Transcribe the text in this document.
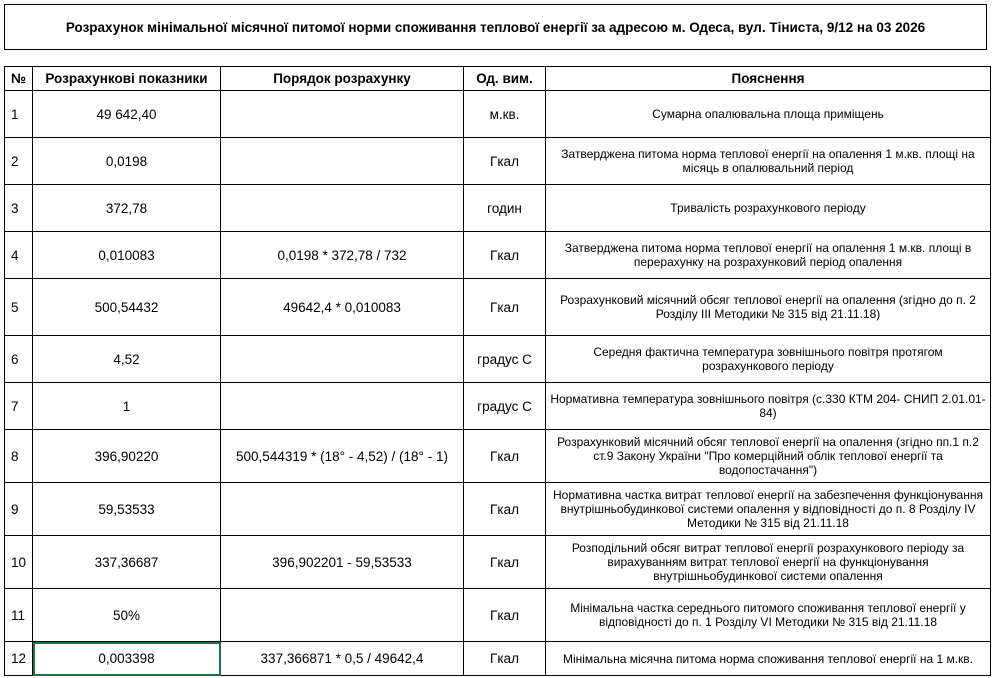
Розрахунок мінімальної місячної питомої норми споживання теплової енергії за адресою м. Одеса, вул. Тіниста, 9/12 на 03 2026
№	Розрахункові показники	Порядок розрахунку	Од. вим.	Пояснення
1	49 642,40		м.кв.	Сумарна опалювальна площа приміщень
2	0,0198		Гкал	Затверджена питома норма теплової енергії на опалення 1 м.кв. площі на місяць в опалювальний період
3	372,78		годин	Тривалість розрахункового періоду
4	0,010083	0,0198 * 372,78 / 732	Гкал	Затверджена питома норма теплової енергії на опалення 1 м.кв. площі в перерахунку на розрахунковий період опалення
5	500,54432	49642,4 * 0,010083	Гкал	Розрахунковий місячний обсяг теплової енергії на опалення (згідно до п. 2 Розділу ІІІ Методики № 315 від 21.11.18)
6	4,52		градус С	Середня фактична температура зовнішнього повітря протягом розрахункового періоду
7	1		градус С	Нормативна температура зовнішнього повітря (с.330 КТМ 204- СНИП 2.01.01-84)
8	396,90220	500,544319 * (18° - 4,52) / (18° - 1)	Гкал	Розрахунковий місячний обсяг теплової енергії на опалення (згідно пп.1 п.2 ст.9 Закону України "Про комерційний облік теплової енергії та водопостачання")
9	59,53533		Гкал	Нормативна частка витрат теплової енергії на забезпечення функціонування внутрішньобудинкової системи опалення у відповідності до п. 8 Розділу ІV Методики № 315 від 21.11.18
10	337,36687	396,902201 - 59,53533	Гкал	Розподільний обсяг витрат теплової енергії розрахункового періоду за вирахуванням витрат теплової енергії на функціонування внутрішньобудинкової системи опалення
11	50%		Гкал	Мінімальна частка середнього питомого споживання теплової енергії у відповідності до п. 1 Розділу VІ Методики № 315 від 21.11.18
12	0,003398	337,366871 * 0,5 / 49642,4	Гкал	Мінімальна місячна питома норма споживання теплової енергії на 1 м.кв.
